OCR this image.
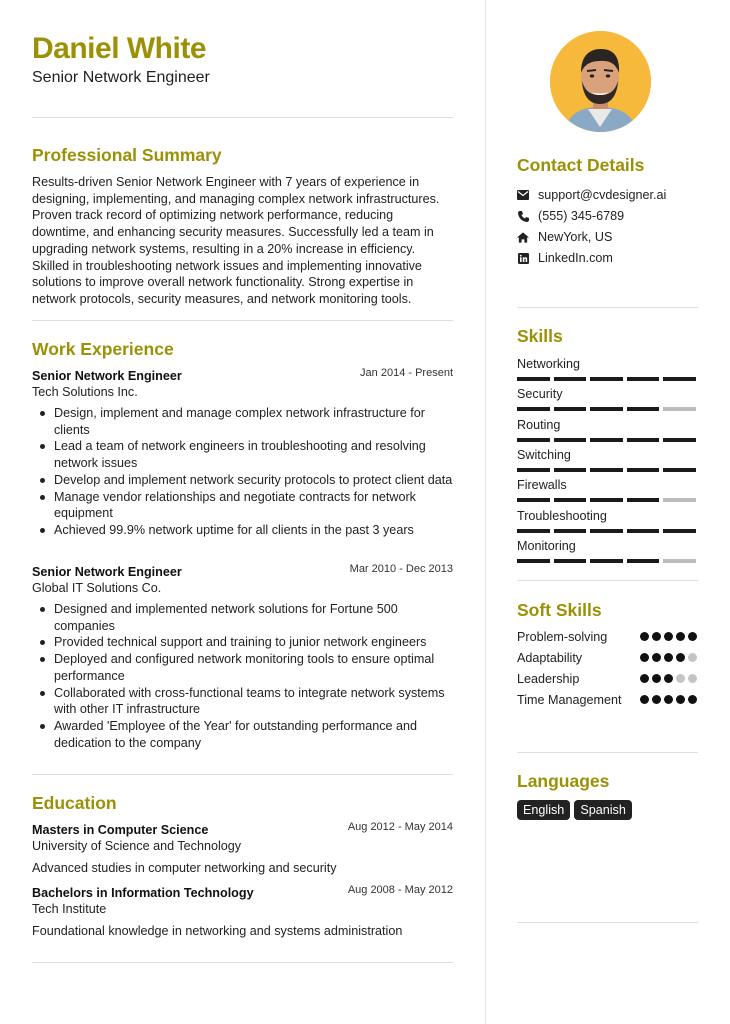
Daniel White
Senior Network Engineer
Professional Summary
Results-driven Senior Network Engineer with 7 years of experience in designing, implementing, and managing complex network infrastructures. Proven track record of optimizing network performance, reducing downtime, and enhancing security measures. Successfully led a team in upgrading network systems, resulting in a 20% increase in efficiency. Skilled in troubleshooting network issues and implementing innovative solutions to improve overall network functionality. Strong expertise in network protocols, security measures, and network monitoring tools.
Work Experience
Senior Network Engineer	Jan 2014 - Present
Tech Solutions Inc.
Design, implement and manage complex network infrastructure for clients
Lead a team of network engineers in troubleshooting and resolving network issues
Develop and implement network security protocols to protect client data
Manage vendor relationships and negotiate contracts for network equipment
Achieved 99.9% network uptime for all clients in the past 3 years
Senior Network Engineer	Mar 2010 - Dec 2013
Global IT Solutions Co.
Designed and implemented network solutions for Fortune 500 companies
Provided technical support and training to junior network engineers
Deployed and configured network monitoring tools to ensure optimal performance
Collaborated with cross-functional teams to integrate network systems with other IT infrastructure
Awarded 'Employee of the Year' for outstanding performance and dedication to the company
Education
Masters in Computer Science	Aug 2012 - May 2014
University of Science and Technology
Advanced studies in computer networking and security
Bachelors in Information Technology	Aug 2008 - May 2012
Tech Institute
Foundational knowledge in networking and systems administration
Contact Details
support@cvdesigner.ai
(555) 345-6789
NewYork, US
LinkedIn.com
Skills
Networking
Security
Routing
Switching
Firewalls
Troubleshooting
Monitoring
Soft Skills
Problem-solving
Adaptability
Leadership
Time Management
Languages
English	Spanish
